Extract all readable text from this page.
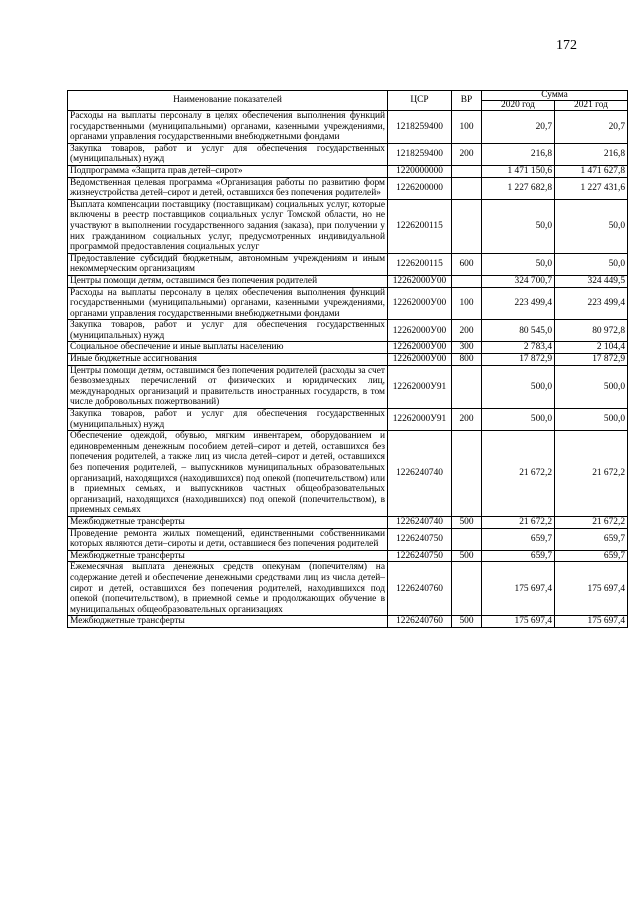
172
Наименование показателей	ЦСР	ВР	Сумма	
			2020 год	2021 год
Расходы на выплаты персоналу в целях обеспечения выполнения функций государственными (муниципальными) органами, казенными учреждениями, органами управления государственными внебюджетными фондами	1218259400	100	20,7	20,7
Закупка товаров, работ и услуг для обеспечения государственных (муниципальных) нужд	1218259400	200	216,8	216,8
Подпрограмма «Защита прав детей–сирот»	1220000000		1 471 150,6	1 471 627,8
Ведомственная целевая программа «Организация работы по развитию форм жизнеустройства детей–сирот и детей, оставшихся без попечения родителей»	1226200000		1 227 682,8	1 227 431,6
Выплата компенсации поставщику (поставщикам) социальных услуг, которые включены в реестр поставщиков социальных услуг Томской области, но не участвуют в выполнении государственного задания (заказа), при получении у них гражданином социальных услуг, предусмотренных индивидуальной программой предоставления социальных услуг	1226200115		50,0	50,0
Предоставление субсидий бюджетным, автономным учреждениям и иным некоммерческим организациям	1226200115	600	50,0	50,0
Центры помощи детям, оставшимся без попечения родителей	12262000У00		324 700,7	324 449,5
Расходы на выплаты персоналу в целях обеспечения выполнения функций государственными (муниципальными) органами, казенными учреждениями, органами управления государственными внебюджетными фондами	12262000У00	100	223 499,4	223 499,4
Закупка товаров, работ и услуг для обеспечения государственных (муниципальных) нужд	12262000У00	200	80 545,0	80 972,8
Социальное обеспечение и иные выплаты населению	12262000У00	300	2 783,4	2 104,4
Иные бюджетные ассигнования	12262000У00	800	17 872,9	17 872,9
Центры помощи детям, оставшимся без попечения родителей (расходы за счет безвозмездных перечислений от физических и юридических лиц, международных организаций и правительств иностранных государств, в том числе добровольных пожертвований)	12262000У91		500,0	500,0
Закупка товаров, работ и услуг для обеспечения государственных (муниципальных) нужд	12262000У91	200	500,0	500,0
Обеспечение одеждой, обувью, мягким инвентарем, оборудованием и единовременным денежным пособием детей–сирот и детей, оставшихся без попечения родителей, а также лиц из числа детей–сирот и детей, оставшихся без попечения родителей, – выпускников муниципальных образовательных организаций, находящихся (находившихся) под опекой (попечительством) или в приемных семьях, и выпускников частных общеобразовательных организаций, находящихся (находившихся) под опекой (попечительством), в приемных семьях	1226240740		21 672,2	21 672,2
Межбюджетные трансферты	1226240740	500	21 672,2	21 672,2
Проведение ремонта жилых помещений, единственными собственниками которых являются дети–сироты и дети, оставшиеся без попечения родителей	1226240750		659,7	659,7
Межбюджетные трансферты	1226240750	500	659,7	659,7
Ежемесячная выплата денежных средств опекунам (попечителям) на содержание детей и обеспечение денежными средствами лиц из числа детей–сирот и детей, оставшихся без попечения родителей, находившихся под опекой (попечительством), в приемной семье и продолжающих обучение в муниципальных общеобразовательных организациях	1226240760		175 697,4	175 697,4
Межбюджетные трансферты	1226240760	500	175 697,4	175 697,4
